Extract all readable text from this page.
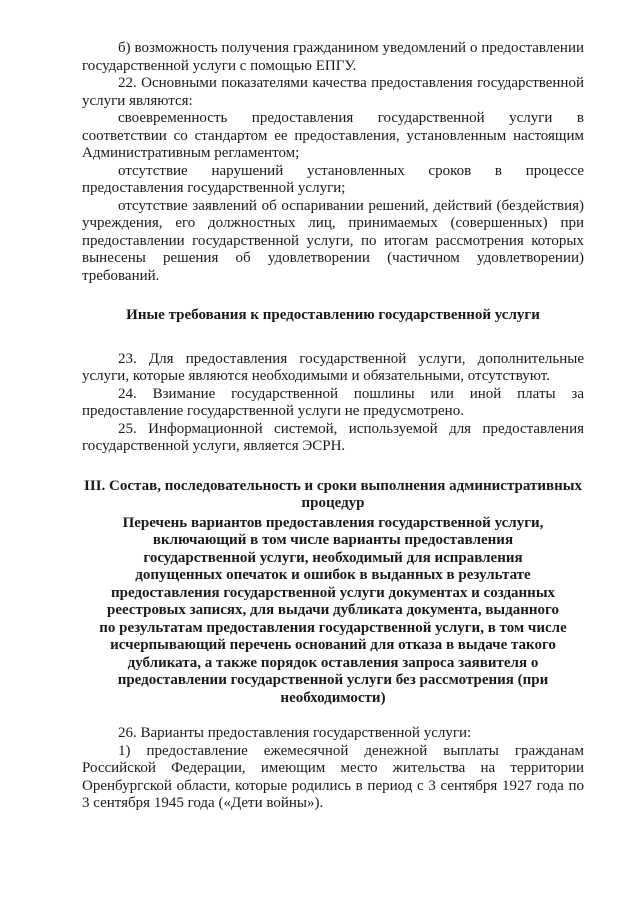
б) возможность получения гражданином уведомлений о предоставлении государственной услуги с помощью ЕПГУ.

22. Основными показателями качества предоставления государственной услуги являются:

своевременность предоставления государственной услуги в соответствии со стандартом ее предоставления, установленным настоящим Административным регламентом;

отсутствие нарушений установленных сроков в процессе предоставления государственной услуги;

отсутствие заявлений об оспаривании решений, действий (бездействия) учреждения, его должностных лиц, принимаемых (совершенных) при предоставлении государственной услуги, по итогам рассмотрения которых вынесены решения об удовлетворении (частичном удовлетворении) требований.

Иные требования к предоставлению государственной услуги

23. Для предоставления государственной услуги, дополнительные услуги, которые являются необходимыми и обязательными, отсутствуют.

24. Взимание государственной пошлины или иной платы за предоставление государственной услуги не предусмотрено.

25. Информационной системой, используемой для предоставления государственной услуги, является ЭСРН.

III. Состав, последовательность и сроки выполнения административных процедур

Перечень вариантов предоставления государственной услуги, включающий в том числе варианты предоставления государственной услуги, необходимый для исправления допущенных опечаток и ошибок в выданных в результате предоставления государственной услуги документах и созданных реестровых записях, для выдачи дубликата документа, выданного по результатам предоставления государственной услуги, в том числе исчерпывающий перечень оснований для отказа в выдаче такого дубликата, а также порядок оставления запроса заявителя о предоставлении государственной услуги без рассмотрения (при необходимости)

26. Варианты предоставления государственной услуги:

1) предоставление ежемесячной денежной выплаты гражданам Российской Федерации, имеющим место жительства на территории Оренбургской области, которые родились в период с 3 сентября 1927 года по 3 сентября 1945 года («Дети войны»).
